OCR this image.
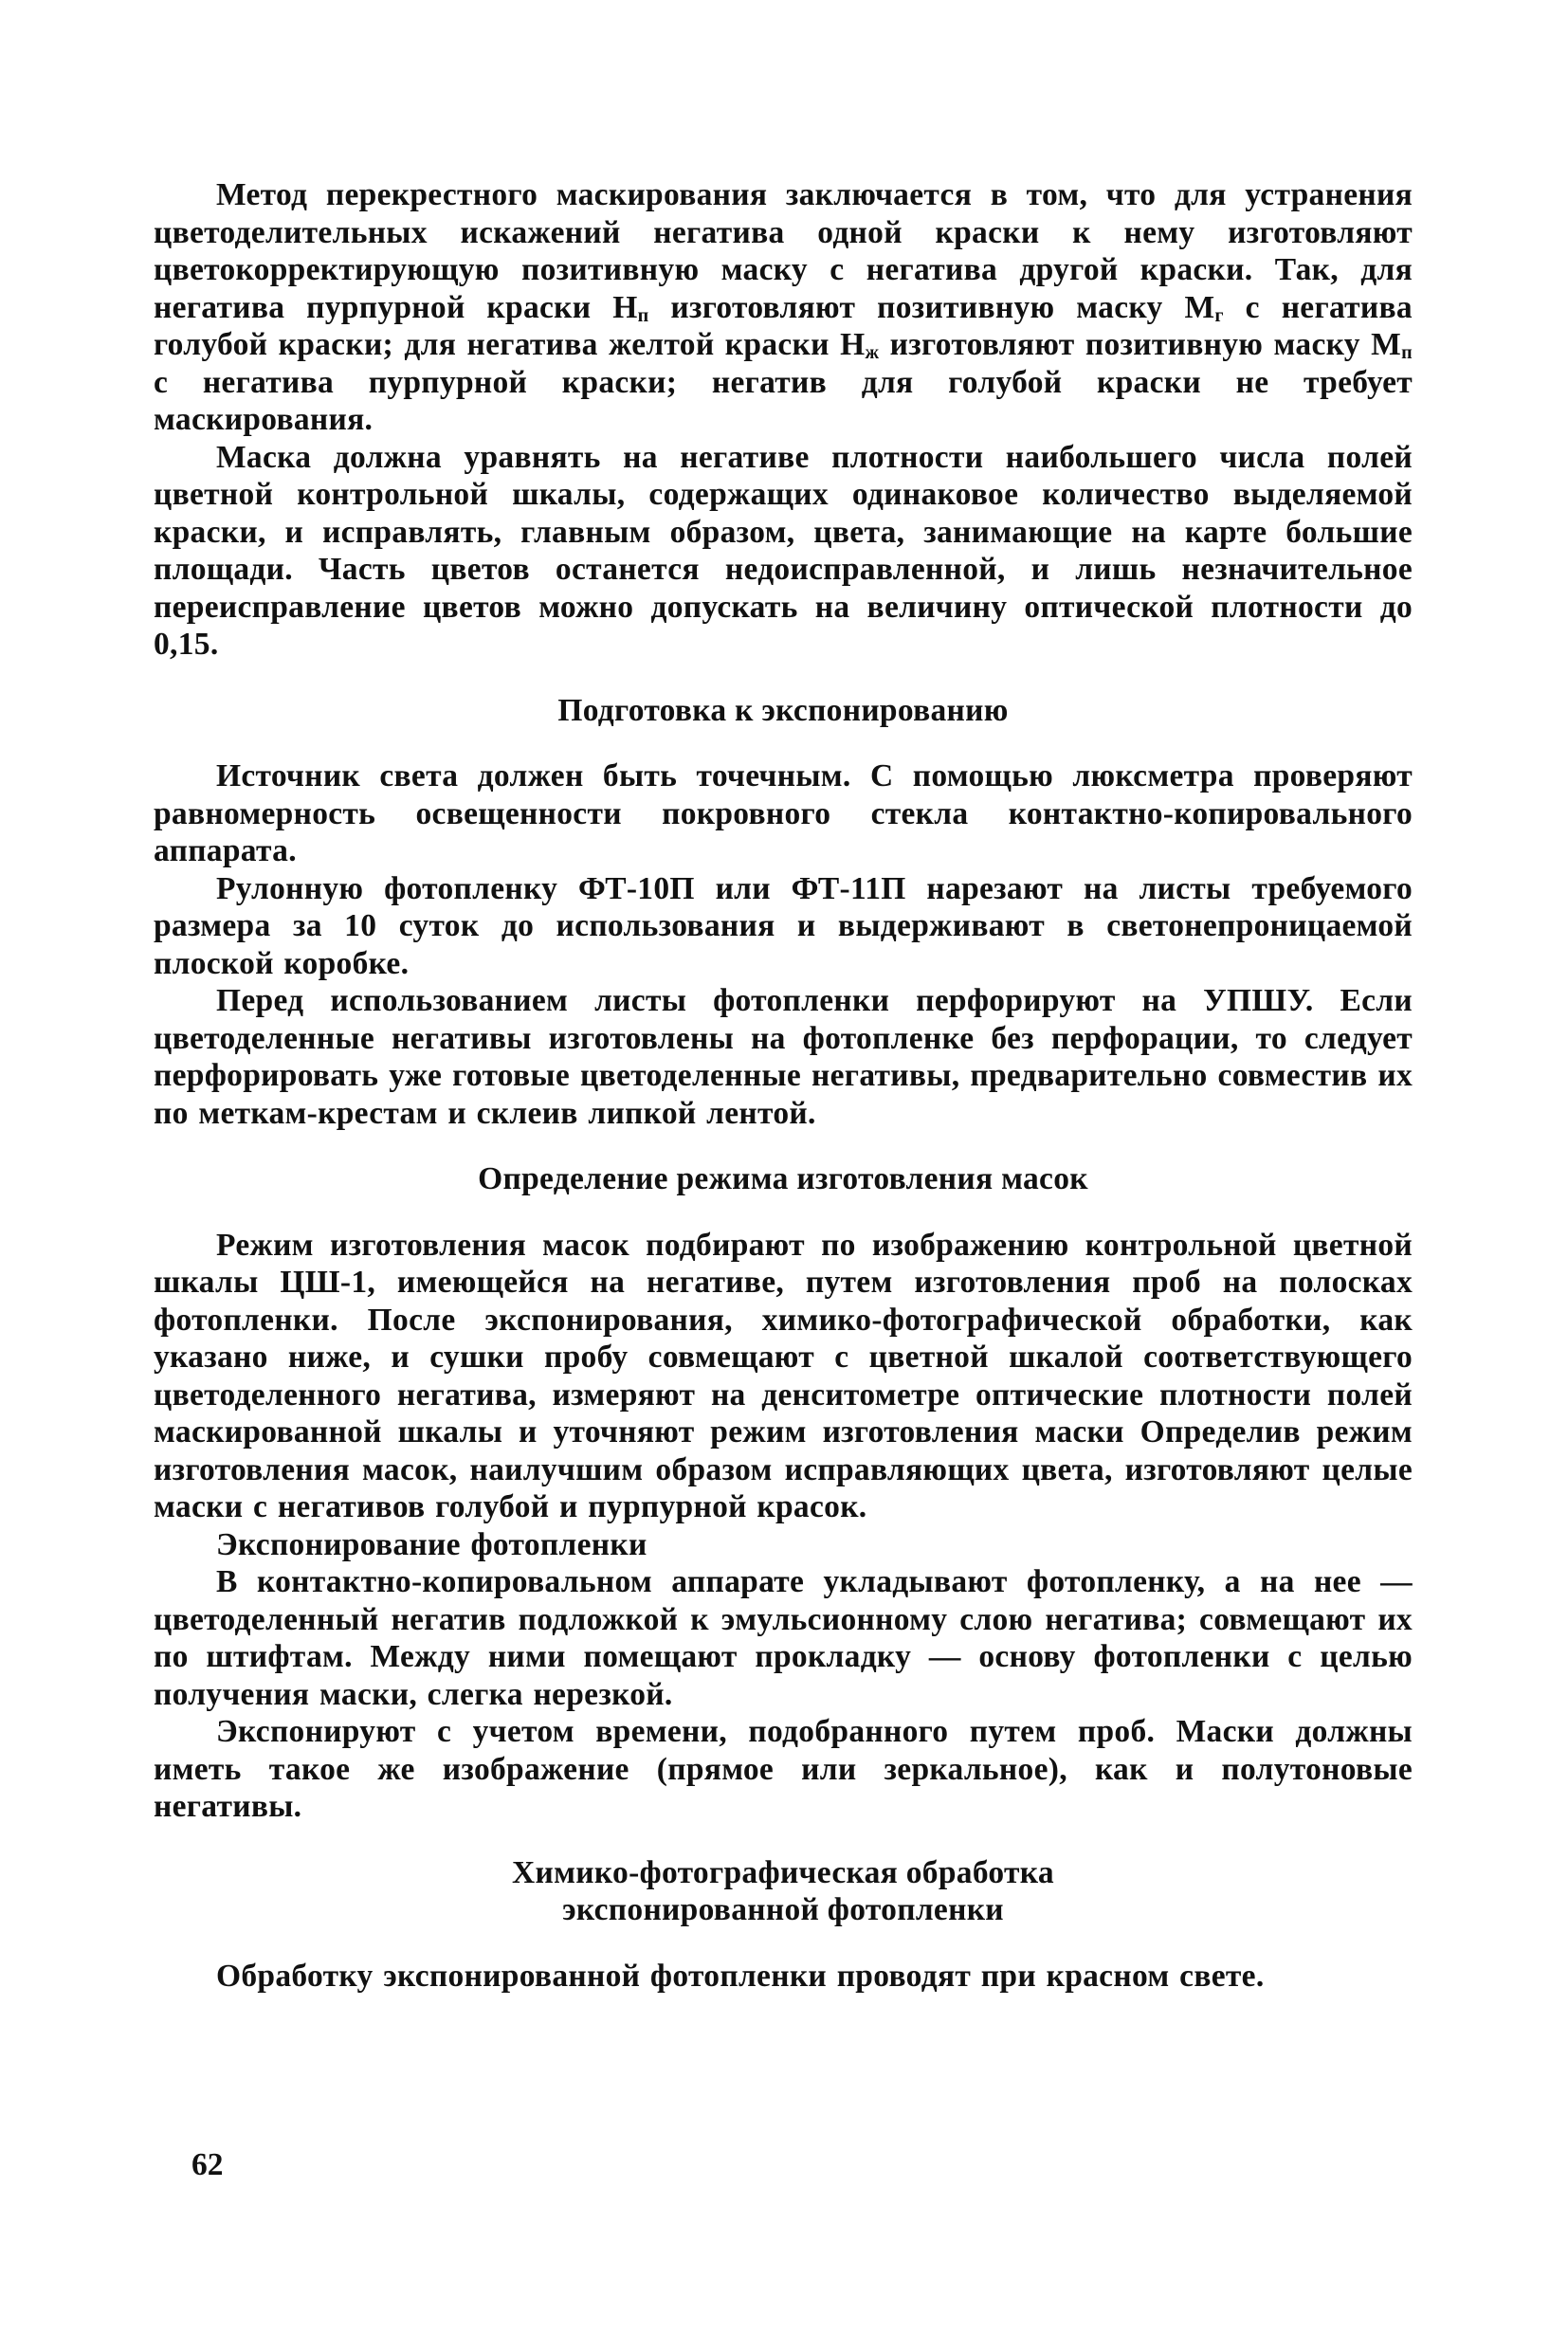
Метод перекрестного маскирования заключается в том, что для устранения цветоделительных искажений негатива одной краски к нему изготовляют цветокорректирующую позитивную маску с негатива другой краски. Так, для негатива пурпурной краски $Н_п$ изготовляют позитивную маску $М_г$ с негатива голубой краски; для негатива желтой краски $Н_ж$ изготовляют позитивную маску $М_п$ с негатива пурпурной краски; негатив для голубой краски не требует маскирования.

Маска должна уравнять на негативе плотности наибольшего числа полей цветной контрольной шкалы, содержащих одинаковое количество выделяемой краски, и исправлять, главным образом, цвета, занимающие на карте большие площади. Часть цветов останется недоисправленной, и лишь незначительное переисправление цветов можно допускать на величину оптической плотности до 0,15.

Подготовка к экспонированию

Источник света должен быть точечным. С помощью люксметра проверяют равномерность освещенности покровного стекла контактно-копировального аппарата.

Рулонную фотопленку ФТ-10П или ФТ-11П нарезают на листы требуемого размера за 10 суток до использования и выдерживают в светонепроницаемой плоской коробке.

Перед использованием листы фотопленки перфорируют на УПШУ. Если цветоделенные негативы изготовлены на фотопленке без перфорации, то следует перфорировать уже готовые цветоделенные негативы, предварительно совместив их по меткам-крестам и склеив липкой лентой.

Определение режима изготовления масок

Режим изготовления масок подбирают по изображению контрольной цветной шкалы ЦШ-1, имеющейся на негативе, путем изготовления проб на полосках фотопленки. После экспонирования, химико-фотографической обработки, как указано ниже, и сушки пробу совмещают с цветной шкалой соответствующего цветоделенного негатива, измеряют на денситометре оптические плотности полей маскированной шкалы и уточняют режим изготовления маски Определив режим изготовления масок, наилучшим образом исправляющих цвета, изготовляют целые маски с негативов голубой и пурпурной красок.

Экспонирование фотопленки

В контактно-копировальном аппарате укладывают фотопленку, а на нее — цветоделенный негатив подложкой к эмульсионному слою негатива; совмещают их по штифтам. Между ними помещают прокладку — основу фотопленки с целью получения маски, слегка нерезкой.

Экспонируют с учетом времени, подобранного путем проб. Маски должны иметь такое же изображение (прямое или зеркальное), как и полутоновые негативы.

Химико-фотографическая обработка
экспонированной фотопленки

Обработку экспонированной фотопленки проводят при красном свете.

62
